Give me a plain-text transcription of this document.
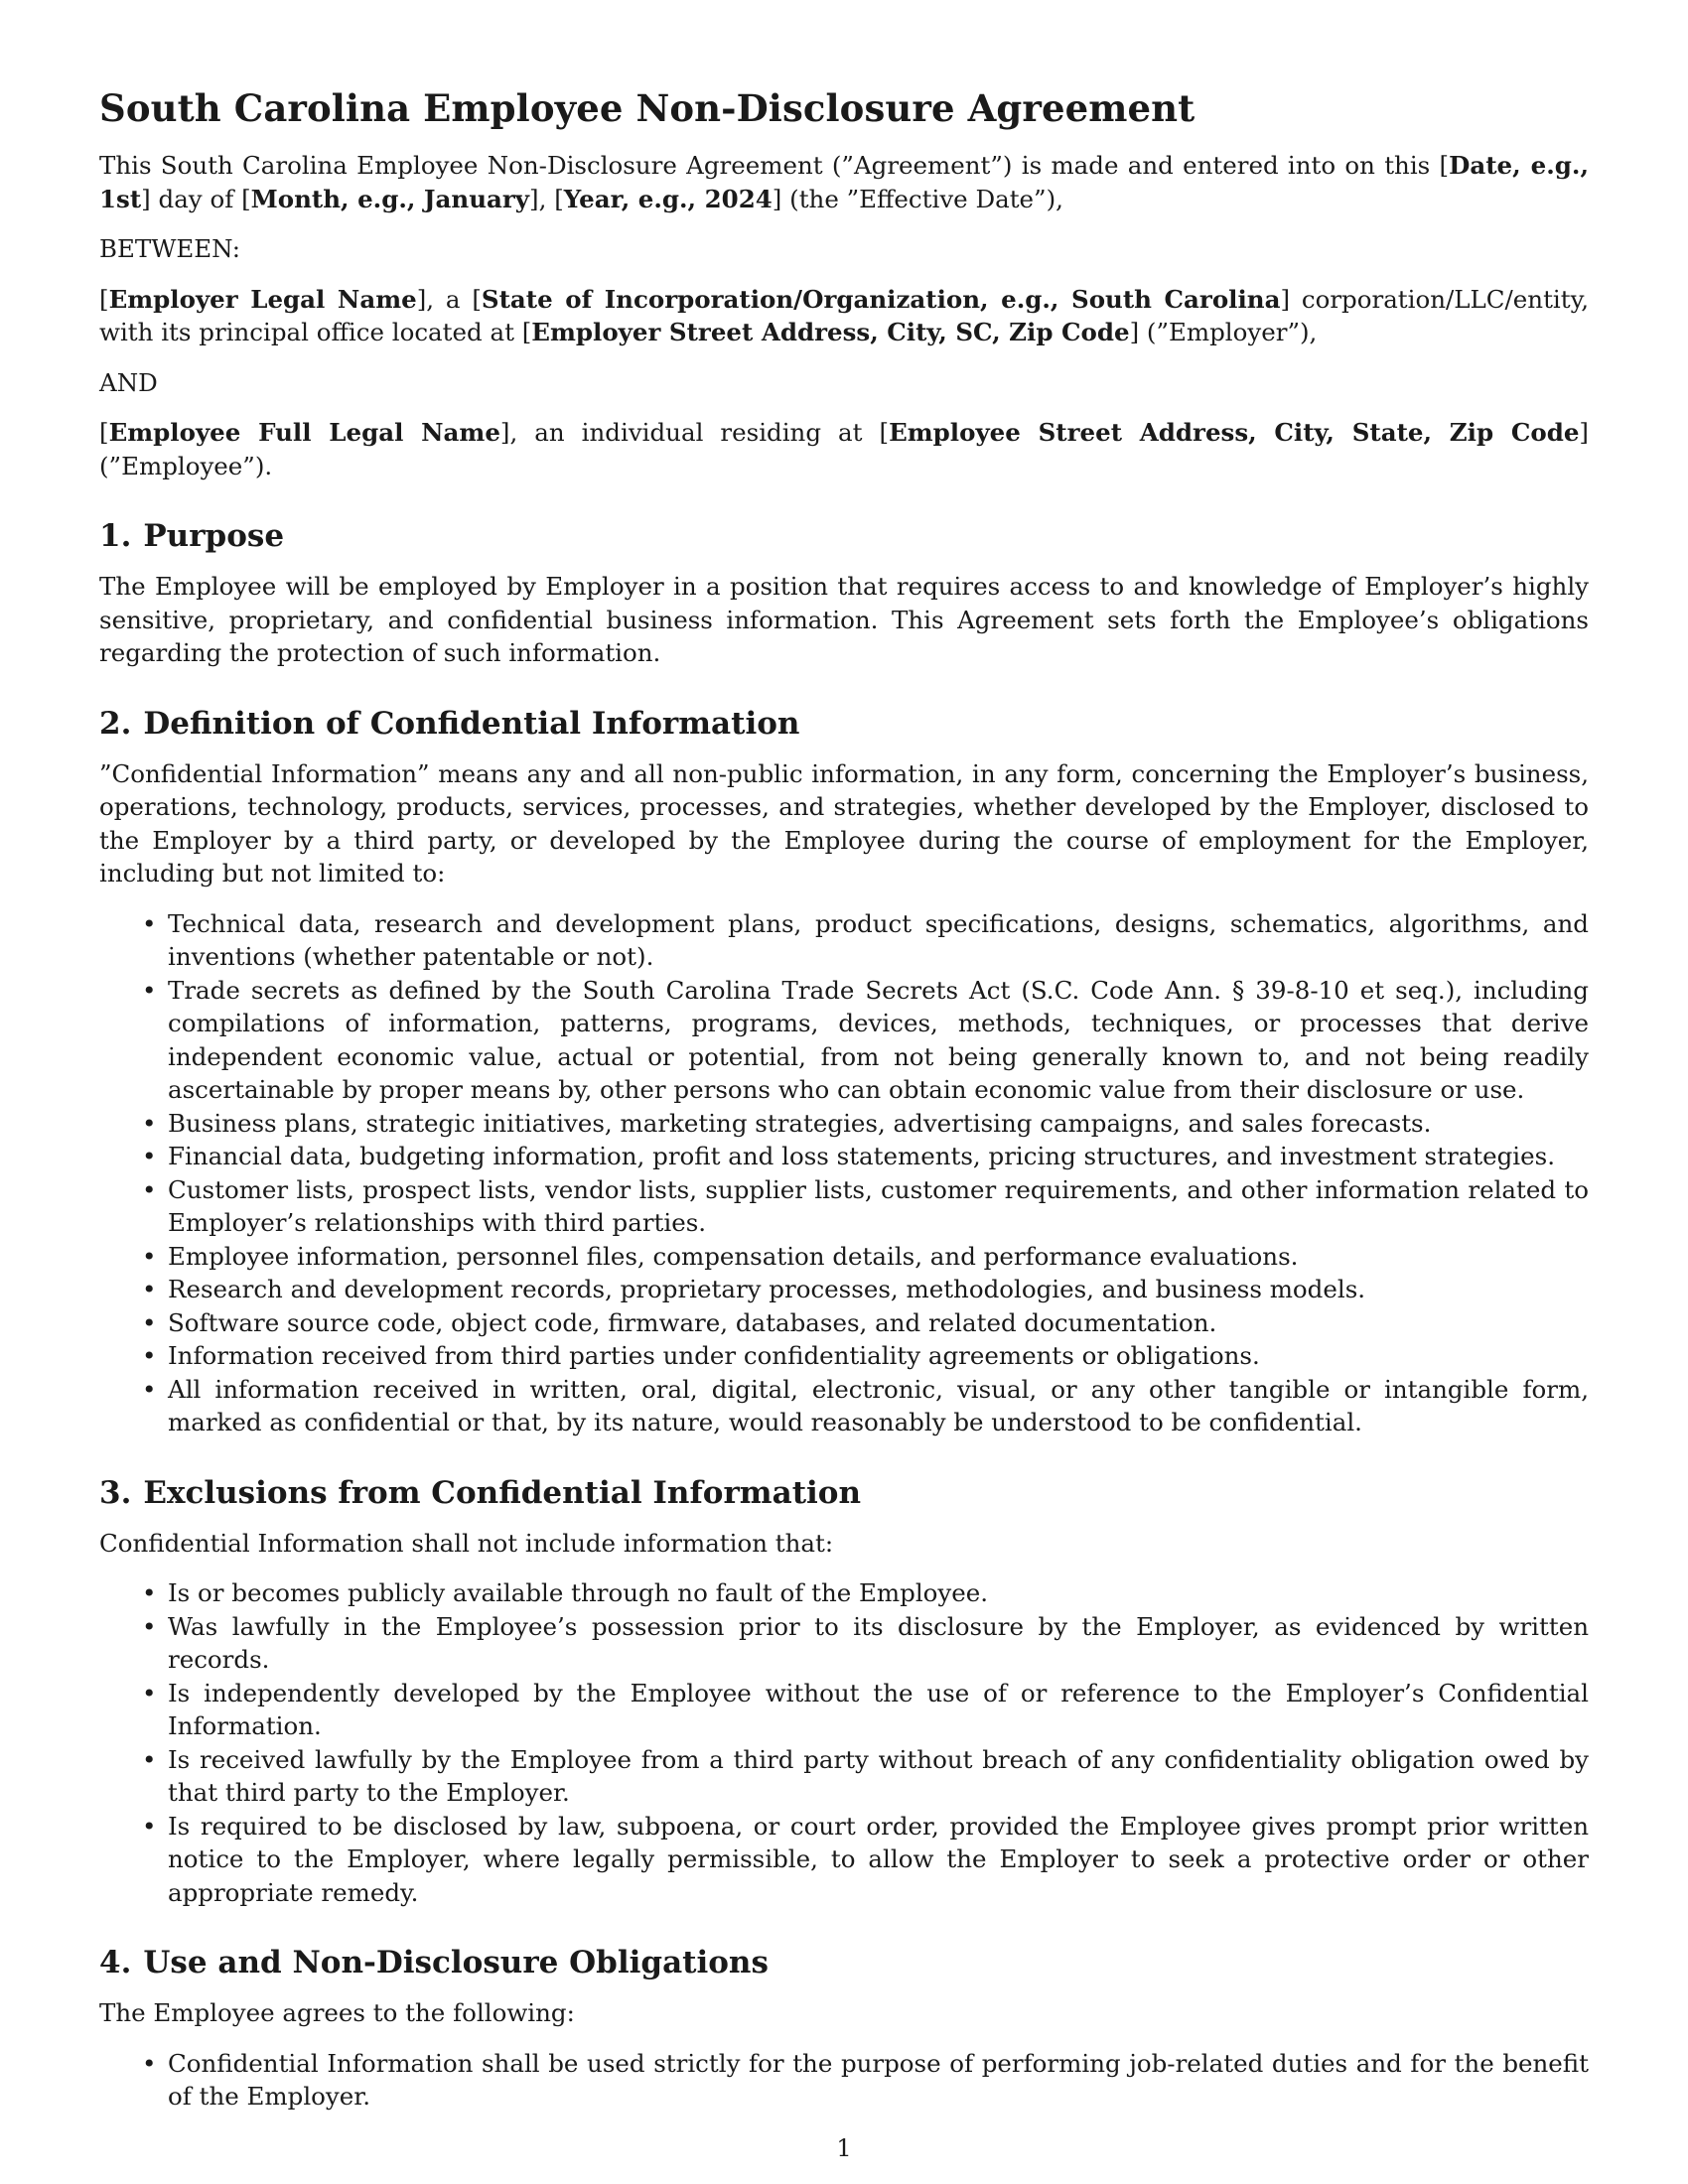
South Carolina Employee Non-Disclosure Agreement

This South Carolina Employee Non-Disclosure Agreement (”Agreement”) is made and entered into on this [Date, e.g., 1st] day of [Month, e.g., January], [Year, e.g., 2024] (the ”Effective Date”),

BETWEEN:

[Employer Legal Name], a [State of Incorporation/Organization, e.g., South Carolina] corporation/LLC/entity, with its principal office located at [Employer Street Address, City, SC, Zip Code] (”Employer”),

AND

[Employee Full Legal Name], an individual residing at [Employee Street Address, City, State, Zip Code] (”Employee”).

1. Purpose

The Employee will be employed by Employer in a position that requires access to and knowledge of Employer’s highly sensitive, proprietary, and confidential business information. This Agreement sets forth the Employee’s obligations regarding the protection of such information.

2. Definition of Confidential Information

”Confidential Information” means any and all non-public information, in any form, concerning the Employer’s business, operations, technology, products, services, processes, and strategies, whether developed by the Employer, disclosed to the Employer by a third party, or developed by the Employee during the course of employment for the Employer, including but not limited to:

• Technical data, research and development plans, product specifications, designs, schematics, algorithms, and inventions (whether patentable or not).
• Trade secrets as defined by the South Carolina Trade Secrets Act (S.C. Code Ann. § 39-8-10 et seq.), including compilations of information, patterns, programs, devices, methods, techniques, or processes that derive independent economic value, actual or potential, from not being generally known to, and not being readily ascertainable by proper means by, other persons who can obtain economic value from their disclosure or use.
• Business plans, strategic initiatives, marketing strategies, advertising campaigns, and sales forecasts.
• Financial data, budgeting information, profit and loss statements, pricing structures, and investment strategies.
• Customer lists, prospect lists, vendor lists, supplier lists, customer requirements, and other information related to Employer’s relationships with third parties.
• Employee information, personnel files, compensation details, and performance evaluations.
• Research and development records, proprietary processes, methodologies, and business models.
• Software source code, object code, firmware, databases, and related documentation.
• Information received from third parties under confidentiality agreements or obligations.
• All information received in written, oral, digital, electronic, visual, or any other tangible or intangible form, marked as confidential or that, by its nature, would reasonably be understood to be confidential.
3. Exclusions from Confidential Information

Confidential Information shall not include information that:

• Is or becomes publicly available through no fault of the Employee.
• Was lawfully in the Employee’s possession prior to its disclosure by the Employer, as evidenced by written records.
• Is independently developed by the Employee without the use of or reference to the Employer’s Confidential Information.
• Is received lawfully by the Employee from a third party without breach of any confidentiality obligation owed by that third party to the Employer.
• Is required to be disclosed by law, subpoena, or court order, provided the Employee gives prompt prior written notice to the Employer, where legally permissible, to allow the Employer to seek a protective order or other appropriate remedy.
4. Use and Non-Disclosure Obligations

The Employee agrees to the following:

• Confidential Information shall be used strictly for the purpose of performing job-related duties and for the benefit of the Employer.
1
